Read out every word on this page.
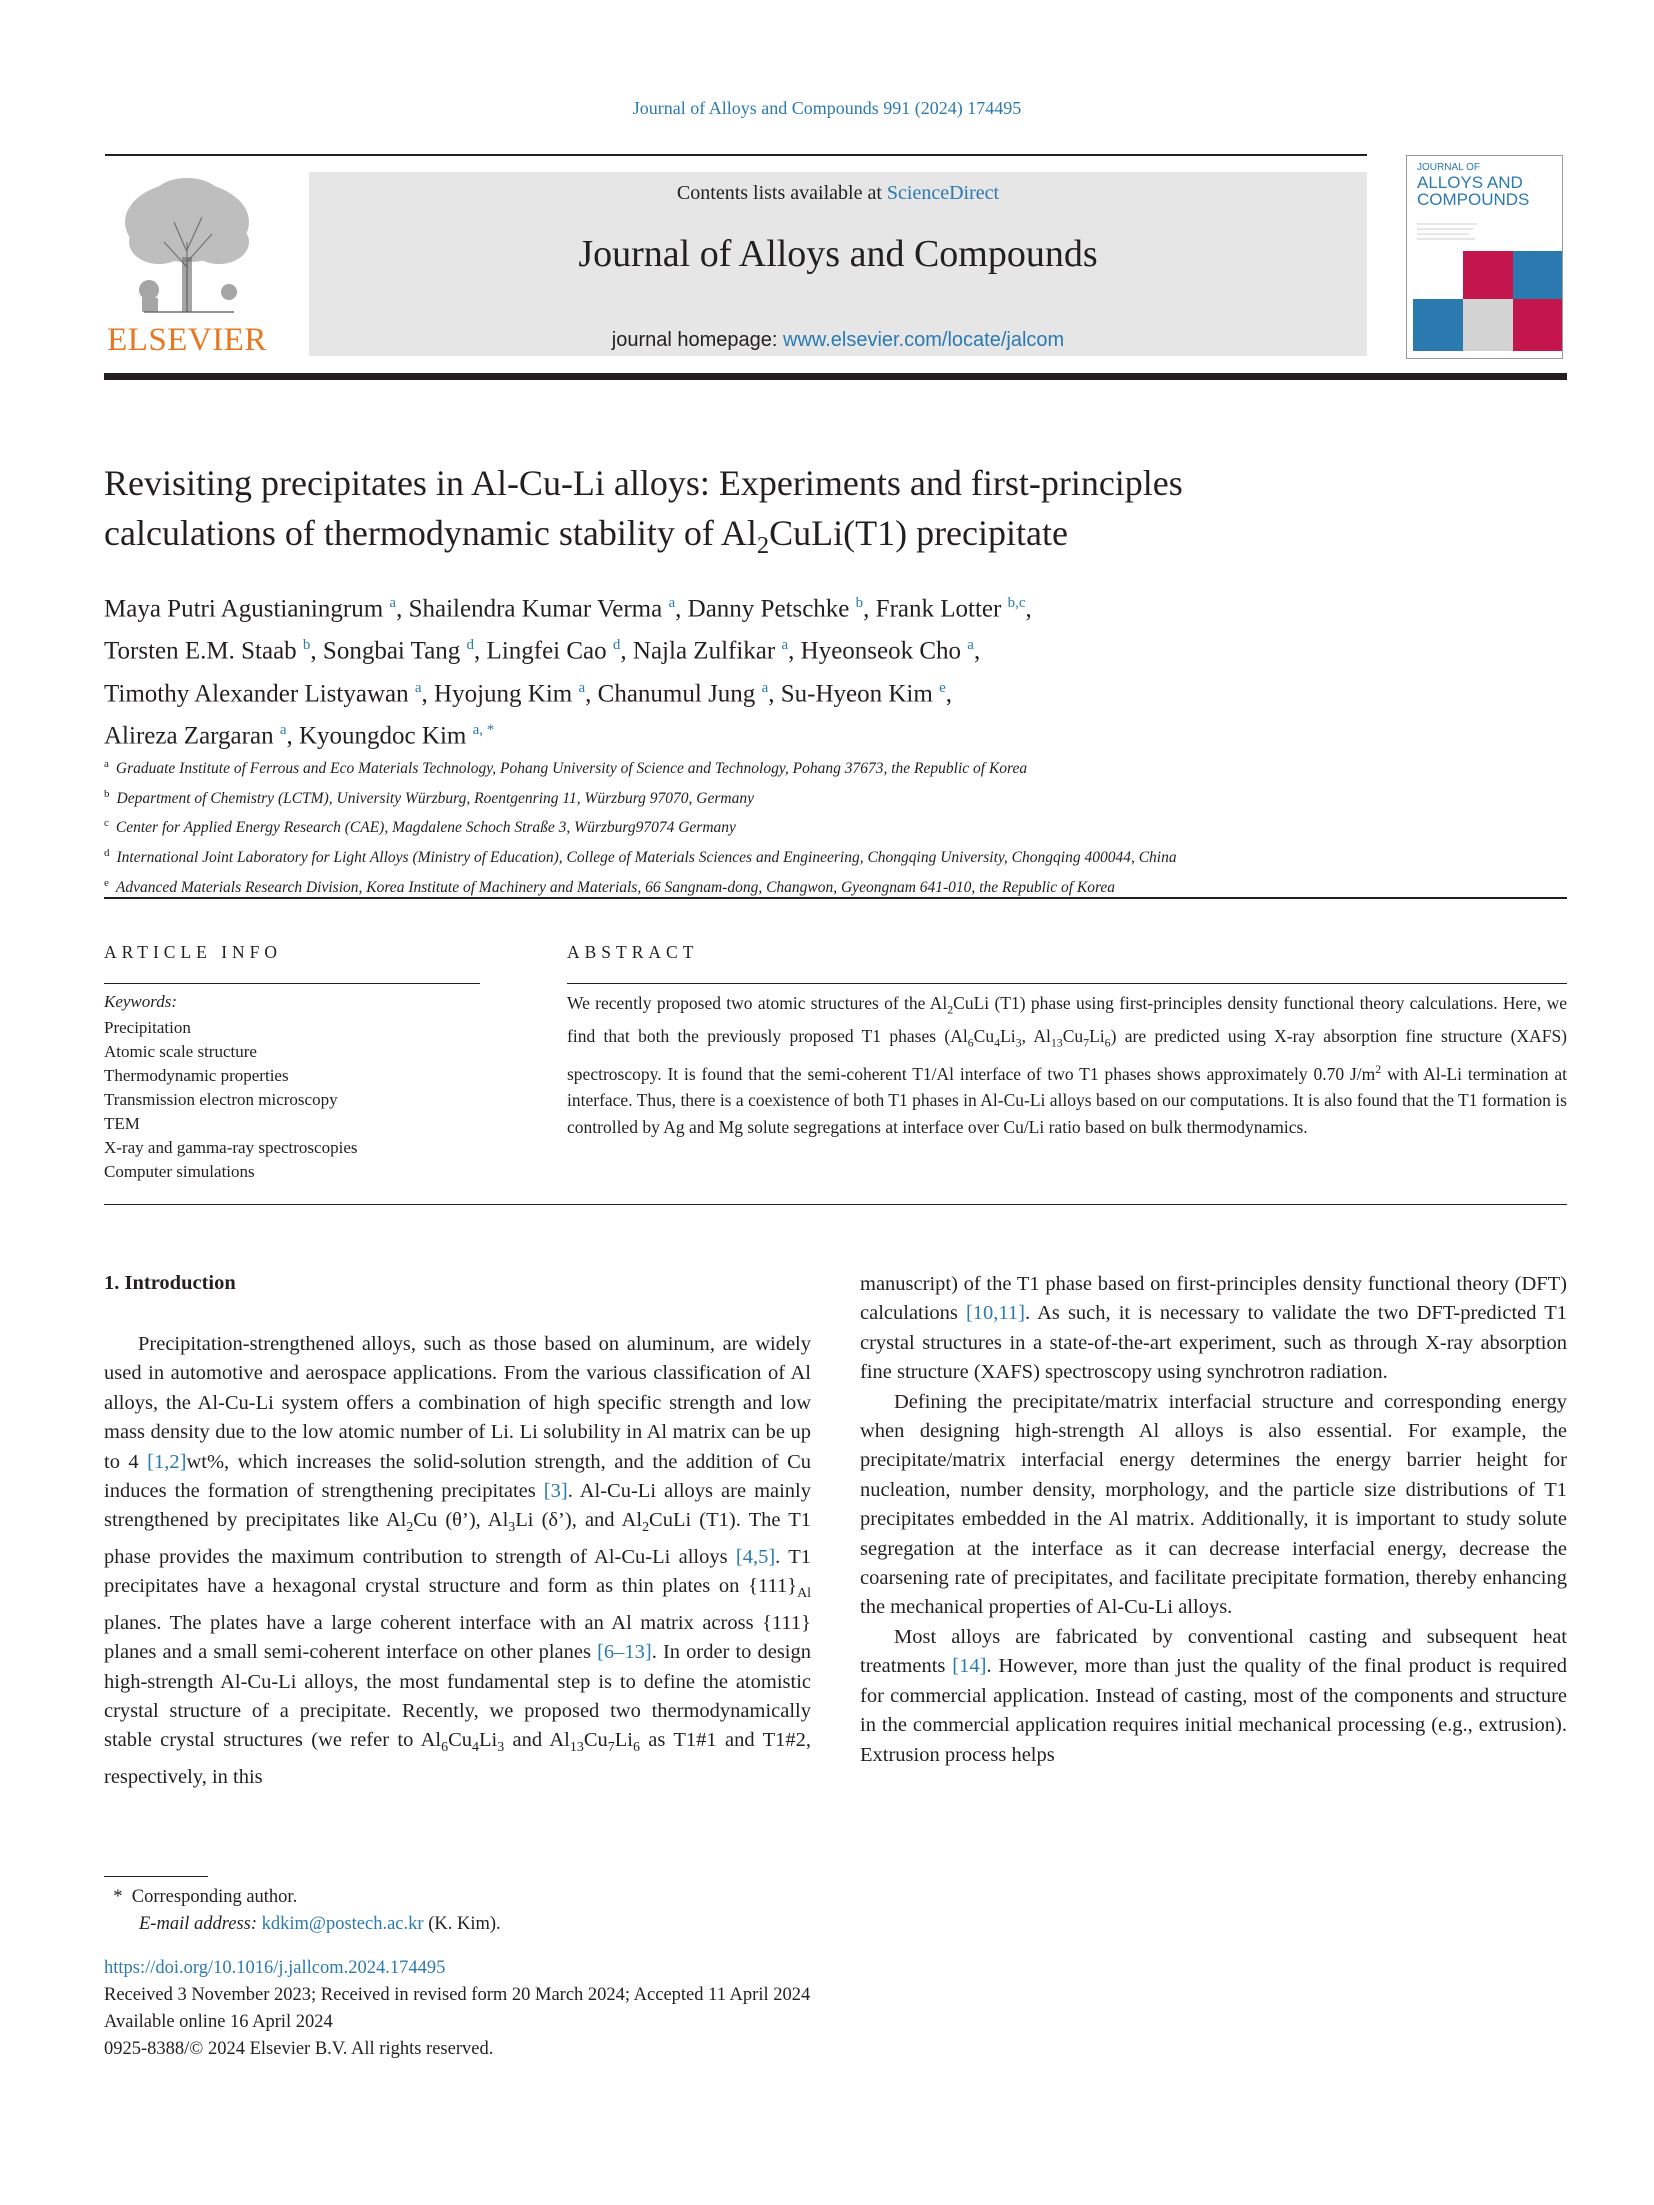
Journal of Alloys and Compounds 991 (2024) 174495
ELSEVIER
Contents lists available at ScienceDirect
Journal of Alloys and Compounds
journal homepage: www.elsevier.com/locate/jalcom
JOURNAL OF
ALLOYS AND
COMPOUNDS
Revisiting precipitates in Al-Cu-Li alloys: Experiments and first-principles
calculations of thermodynamic stability of $Al_2CuLi(T1)$ precipitate
Maya Putri Agustianingrum $^a$, Shailendra Kumar Verma $^a$, Danny Petschke $^b$, Frank Lotter $^{b,c}$,
Torsten E.M. Staab $^b$, Songbai Tang $^d$, Lingfei Cao $^d$, Najla Zulfikar $^a$, Hyeonseok Cho $^a$,
Timothy Alexander Listyawan $^a$, Hyojung Kim $^a$, Chanumul Jung $^a$, Su-Hyeon Kim $^e$,
Alireza Zargaran $^a$, Kyoungdoc Kim $^{a, *}$
$^a$ Graduate Institute of Ferrous and Eco Materials Technology, Pohang University of Science and Technology, Pohang 37673, the Republic of Korea
$^b$ Department of Chemistry (LCTM), University Würzburg, Roentgenring 11, Würzburg 97070, Germany
$^c$ Center for Applied Energy Research (CAE), Magdalene Schoch Straße 3, Würzburg97074 Germany
$^d$ International Joint Laboratory for Light Alloys (Ministry of Education), College of Materials Sciences and Engineering, Chongqing University, Chongqing 400044, China
$^e$ Advanced Materials Research Division, Korea Institute of Machinery and Materials, 66 Sangnam-dong, Changwon, Gyeongnam 641-010, the Republic of Korea
ARTICLE INFO
Keywords:
Precipitation
Atomic scale structure
Thermodynamic properties
Transmission electron microscopy
TEM
X-ray and gamma-ray spectroscopies
Computer simulations
ABSTRACT
We recently proposed two atomic structures of the $Al_2CuLi$ (T1) phase using first-principles density functional theory calculations. Here, we find that both the previously proposed T1 phases ($Al_6Cu_4Li_3$, $Al_{13}Cu_7Li_6$) are predicted using X-ray absorption fine structure (XAFS) spectroscopy. It is found that the semi-coherent T1/Al interface of two T1 phases shows approximately 0.70 $J/m^2$ with Al-Li termination at interface. Thus, there is a coexistence of both T1 phases in Al-Cu-Li alloys based on our computations. It is also found that the T1 formation is controlled by Ag and Mg solute segregations at interface over Cu/Li ratio based on bulk thermodynamics.
1. Introduction

Precipitation-strengthened alloys, such as those based on aluminum, are widely used in automotive and aerospace applications. From the various classification of Al alloys, the Al-Cu-Li system offers a combination of high specific strength and low mass density due to the low atomic number of Li. Li solubility in Al matrix can be up to 4 [1,2]wt%, which increases the solid-solution strength, and the addition of Cu induces the formation of strengthening precipitates [3]. Al-Cu-Li alloys are mainly strengthened by precipitates like $Al_2Cu$ (θ’), $Al_3Li$ (δ’), and $Al_2CuLi$ (T1). The T1 phase provides the maximum contribution to strength of Al-Cu-Li alloys [4,5]. T1 precipitates have a hexagonal crystal structure and form as thin plates on $\{111\}_{Al}$ planes. The plates have a large coherent interface with an Al matrix across {111} planes and a small semi-coherent interface on other planes [6–13]. In order to design high-strength Al-Cu-Li alloys, the most fundamental step is to define the atomistic crystal structure of a precipitate. Recently, we proposed two thermodynamically stable crystal structures (we refer to $Al_6Cu_4Li_3$ and $Al_{13}Cu_7Li_6$ as T1#1 and T1#2, respectively, in this

manuscript) of the T1 phase based on first-principles density functional theory (DFT) calculations [10,11]. As such, it is necessary to validate the two DFT-predicted T1 crystal structures in a state-of-the-art experiment, such as through X-ray absorption fine structure (XAFS) spectroscopy using synchrotron radiation.

Defining the precipitate/matrix interfacial structure and corresponding energy when designing high-strength Al alloys is also essential. For example, the precipitate/matrix interfacial energy determines the energy barrier height for nucleation, number density, morphology, and the particle size distributions of T1 precipitates embedded in the Al matrix. Additionally, it is important to study solute segregation at the interface as it can decrease interfacial energy, decrease the coarsening rate of precipitates, and facilitate precipitate formation, thereby enhancing the mechanical properties of Al-Cu-Li alloys.

Most alloys are fabricated by conventional casting and subsequent heat treatments [14]. However, more than just the quality of the final product is required for commercial application. Instead of casting, most of the components and structure in the commercial application requires initial mechanical processing (e.g., extrusion). Extrusion process helps

* Corresponding author.
E-mail address: kdkim@postech.ac.kr (K. Kim).
https://doi.org/10.1016/j.jallcom.2024.174495
Received 3 November 2023; Received in revised form 20 March 2024; Accepted 11 April 2024
Available online 16 April 2024
0925-8388/© 2024 Elsevier B.V. All rights reserved.
